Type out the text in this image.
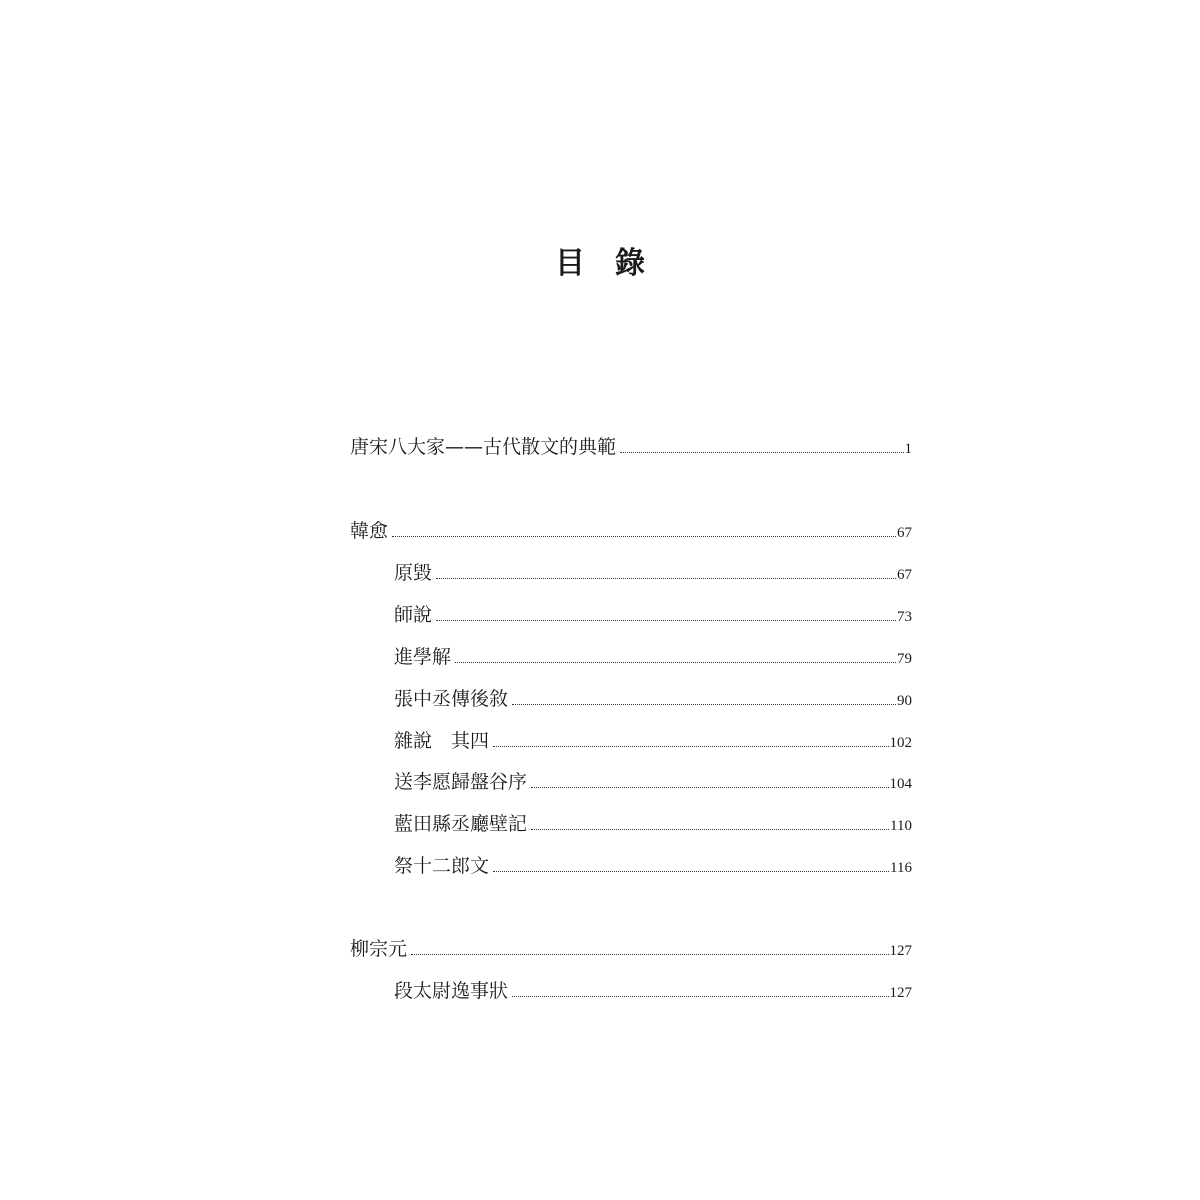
目　錄
唐宋八大家——古代散文的典範	1
韓愈	67
原毀	67
師說	73
進學解	79
張中丞傳後敘	90
雜說　其四	102
送李愿歸盤谷序	104
藍田縣丞廳壁記	110
祭十二郎文	116
柳宗元	127
段太尉逸事狀	127
